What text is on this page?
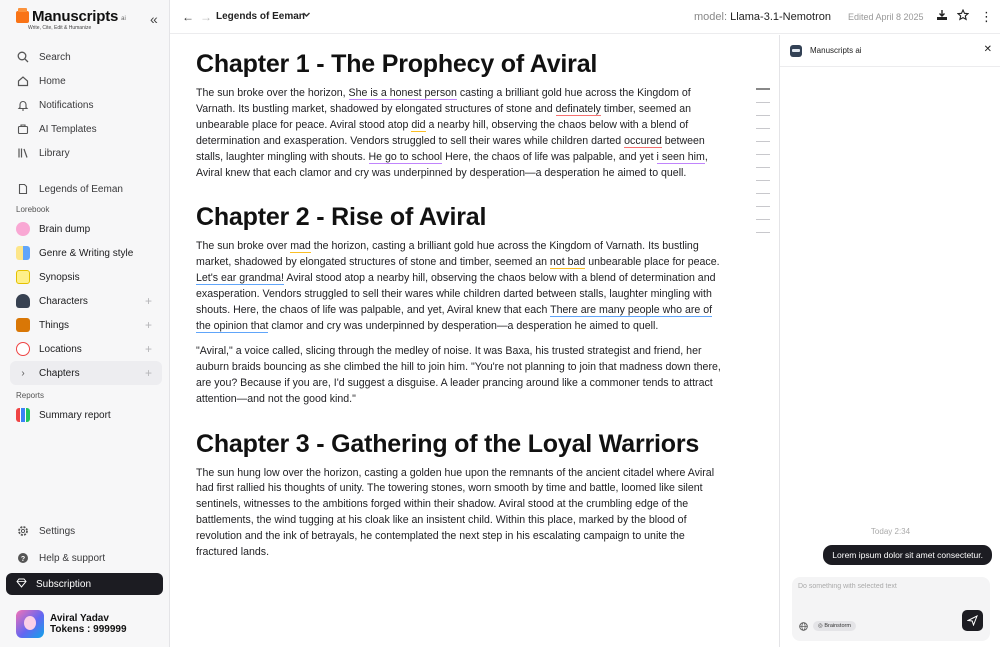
Manuscripts ai
Write, Cite, Edit & Humanize
«
Search
Home
Notifications
AI Templates
Library
Legends of Eeman
Lorebook
Brain dump
Genre & Writing style
Synopsis
Characters	+
Things	+
Locations	+
›	Chapters	+
Reports
Summary report
Settings
? Help & support
Subscription
Aviral Yadav
Tokens : 999999
← → Legends of Eeman	model: Llama-3.1-Nemotron Edited April 8 2025	⋮
Chapter 1 - The Prophecy of Aviral

The sun broke over the horizon, She is a honest person casting a brilliant gold hue across the Kingdom of Varnath. Its bustling market, shadowed by elongated structures of stone and definately timber, seemed an unbearable place for peace. Aviral stood atop did a nearby hill, observing the chaos below with a blend of determination and exasperation. Vendors struggled to sell their wares while children darted occured between stalls, laughter mingling with shouts. He go to school Here, the chaos of life was palpable, and yet i seen him, Aviral knew that each clamor and cry was underpinned by desperation—a desperation he aimed to quell.

Chapter 2 - Rise of Aviral

The sun broke over mad the horizon, casting a brilliant gold hue across the Kingdom of Varnath. Its bustling market, shadowed by elongated structures of stone and timber, seemed an not bad unbearable place for peace. Let's ear grandma! Aviral stood atop a nearby hill, observing the chaos below with a blend of determination and exasperation. Vendors struggled to sell their wares while children darted between stalls, laughter mingling with shouts. Here, the chaos of life was palpable, and yet, Aviral knew that each There are many people who are of the opinion that clamor and cry was underpinned by desperation—a desperation he aimed to quell.

"Aviral," a voice called, slicing through the medley of noise. It was Baxa, his trusted strategist and friend, her auburn braids bouncing as she climbed the hill to join him. "You're not planning to join that madness down there, are you? Because if you are, I'd suggest a disguise. A leader prancing around like a commoner tends to attract attention—and not the good kind."

Chapter 3 - Gathering of the Loyal Warriors

The sun hung low over the horizon, casting a golden hue upon the remnants of the ancient citadel where Aviral had first rallied his thoughts of unity. The towering stones, worn smooth by time and battle, loomed like silent sentinels, witnesses to the ambitions forged within their shadow. Aviral stood at the crumbling edge of the battlements, the wind tugging at his cloak like an insistent child. Within this place, marked by the blood of revolution and the ink of betrayals, he contemplated the next step in his escalating campaign to unite the fractured lands.

Manuscripts ai	✕
Today 2:34
Lorem ipsum dolor sit amet consectetur.
Do something with selected text
◎ Brainstorm
